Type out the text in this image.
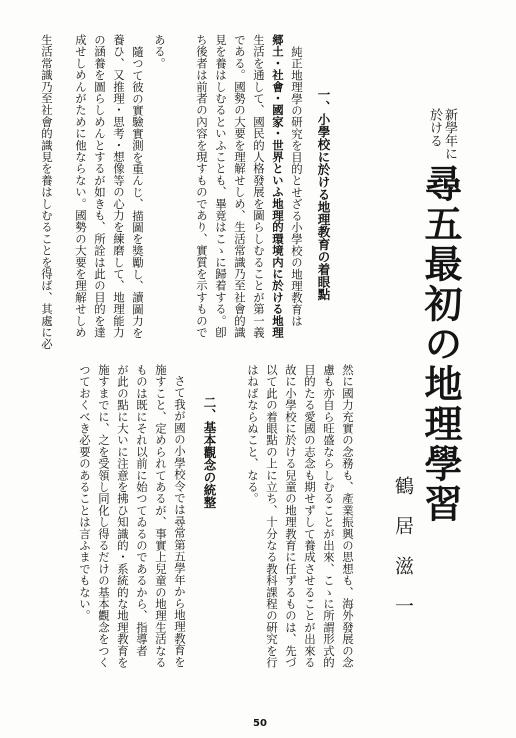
新學年に
於ける
尋五最初の地理學習
鶴居滋一
一、小學校に於ける地理教育の着眼點
純正地理學の研究を目的とせざる小學校の地理教育は
郷土・社會・國家・世界といふ地理的環境内に於ける地理
生活を通して、國民的人格發展を圖らしむることが第一義
である。國勢の大要を理解せしめ、生活常識乃至社會的識
見を養はしむるといふことも、畢竟はこゝに歸着する。卽
ち後者は前者の內容を現すものであり、實質を示すもので
ある。
隨つて彼の實驗實測を重んじ、描圖を獎勵し、讀圖力を
養ひ、又推理・思考・想像等の心力を練磨して、地理能力
の涵養を圖らしめんとするが如きも、所詮は此の目的を達
成せしめんがために他ならない。國勢の大要を理解せしめ
生活常識乃至社會的識見を養はしむることを得ば、其處に必
然に國力充實の念務も、產業振興の思想も、海外發展の念
慮も亦自ら旺盛ならしむることが出來、こゝに所謂形式的
目的たる愛國の志念も期せずして養成させることが出來る
故に小學校に於ける兒童の地理教育に任ずるものは、先づ
以て此の着眼點の上に立ち、十分なる教科課程の硏究を行
はねばならぬこと、なる。
二、基本觀念の統整
さて我が國の小學校令では尋常第五學年から地理教育を
施すこと、定められてあるが、事實上兒童の地理生活なる
ものは既にそれ以前に始つてゐるのであるから、指導者
が此の點に大いに注意を拂ひ知識的・系統的な地理教育を
施すまでに、之を受領し同化し得るだけの基本觀念をつく
つておくべき必要のあることは言ふまでもない。
50
